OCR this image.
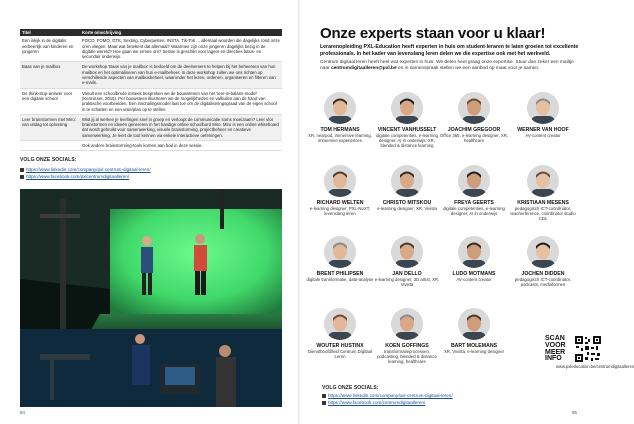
Titel	Korte omschrijving
Een inkijk in de digitalis verbeerlijk van kinderen en jongeren	FOCO, FOMO, GTK, Sexting, Cyberpesten, INSTA, Tik-Tok ... allemaal woorden die dagelijks rond onze oren vliegen. Maar wat betekent dat allemaal? Waarmee zijn onze jongeren dagelijks bezig in de digitale wereld? Hoe gaan we ermee om? Sessie is geschikt voor lagere en directies basis- en secundair onderwijs.
Baas van je mailbox	De workshop 'Baas van je mailbox' is bedoeld om de deelnemers te helpen bij het beheersen van hun mailbox en het optimaliseren van hun e-mailbeheer. In deze workshop zullen we ons richten op verschillende aspecten van mailboxbeheer, waaronder het lezen, ordenen, organiseren en filteren van e-mails.
De think-stop-answer voor een digitale school	Vanuit een schoolbrede insteek bespreken we de bouwstenen van het 'leer-in-balans-model' (Kennisnet, 2015). Per bouwsteen illustreren we de mogelijkheden en valkuilen aan de hand van praktische voorbeelden. Een inschalingsmodel laat toe om de digitaliseringsgraad van de eigen school in te schatten en een visie/plan op te stellen.
Leer brainstormen met Miro: van uitdag tot oplossing	Wist jij al werken je leerlingen snel in groep en verloopt de communicatie soms moeizaam? Leer vlot brainstormen en ideeën genereren in het handige online schoolbord Miro. Miro is een online whiteboard dat wordt gebruikt voor samenwerking, visuele brainstorming, projectbeheer en creatieve samenwerking. Je leert de tool kennen via enkele interactieve oefeningen.
	Ook andere brainstorming-tools komen aan bod in deze sessie.
VOLG ONZE SOCIALS:
https://www.linkedin.com/company/pxl-centrum-digitaal-leren/
https://www.facebook.com/pxlcentrumdigitaalleren/
84
Onze experts staan voor u klaar!
Lerarenopleiding PXL-Education heeft experten in huis om student-leraren te laten groeien tot excellente professionals. In het kader van levenslang leren delen we die expertise ook met het werkveld.
Centrum digitaal leren heeft heel wat experten in huis. We delen heel graag onze expertise. Stuur dan zeker een mailtje naar centrumdigitaalleren@pxl.be en in samenspraak stellen we een aanbod op maat voor je samen.
TOM HERMANS
XR, nearpod, immersive learning, immersive experiences
VINCENT VANHUSSELT
digitale competenties, e-learning designer, AI in onderwijs, XR, blended & distance learning
JOACHIM GREGOOR
Office 365, e-learning designer, XR, healthcare
WERNER VAN HOOF
AV-content creator
RICHARD WELTEN
e-learning designer, PXL-NuXT, levenslang leren
CHRISTO MITSKOU
e-learning designer, XR, Vivista
FREYA GEERTS
digitale competenties, e-learning designer, AI in onderwijs
KRISTIAAN MESENS
pedagogisch ICT-coördinator, teacherference, coördinator studio CDL
BRENT PHILIPSEN
digitale transformatie, data-analyse
JAN DELLO
e-learning designer, 3D artist, XR, Vivista
LUDO MOTMANS
AV-content creator
JOCHEN DIDDEN
pedagogisch ICT-coördinator, podcasts, mediaformen
WOUTER HUSTINX
Diensthoofd/leid Centrum Digitaal Leren
KOEN GOFFINGS
transformatieprocessen, podcasting, blended & distance learning, healthcare
BART MOLEMANS
XR, Vivista, e-learning designer
SCAN
VOOR
MEER
INFO
www.pxleducation.be/centrumdigitaalleren
VOLG ONZE SOCIALS:
https://www.linkedin.com/company/pxl-centrum-digitaal-leren/
https://www.facebook.com/centrumdigitaalleren/
85
